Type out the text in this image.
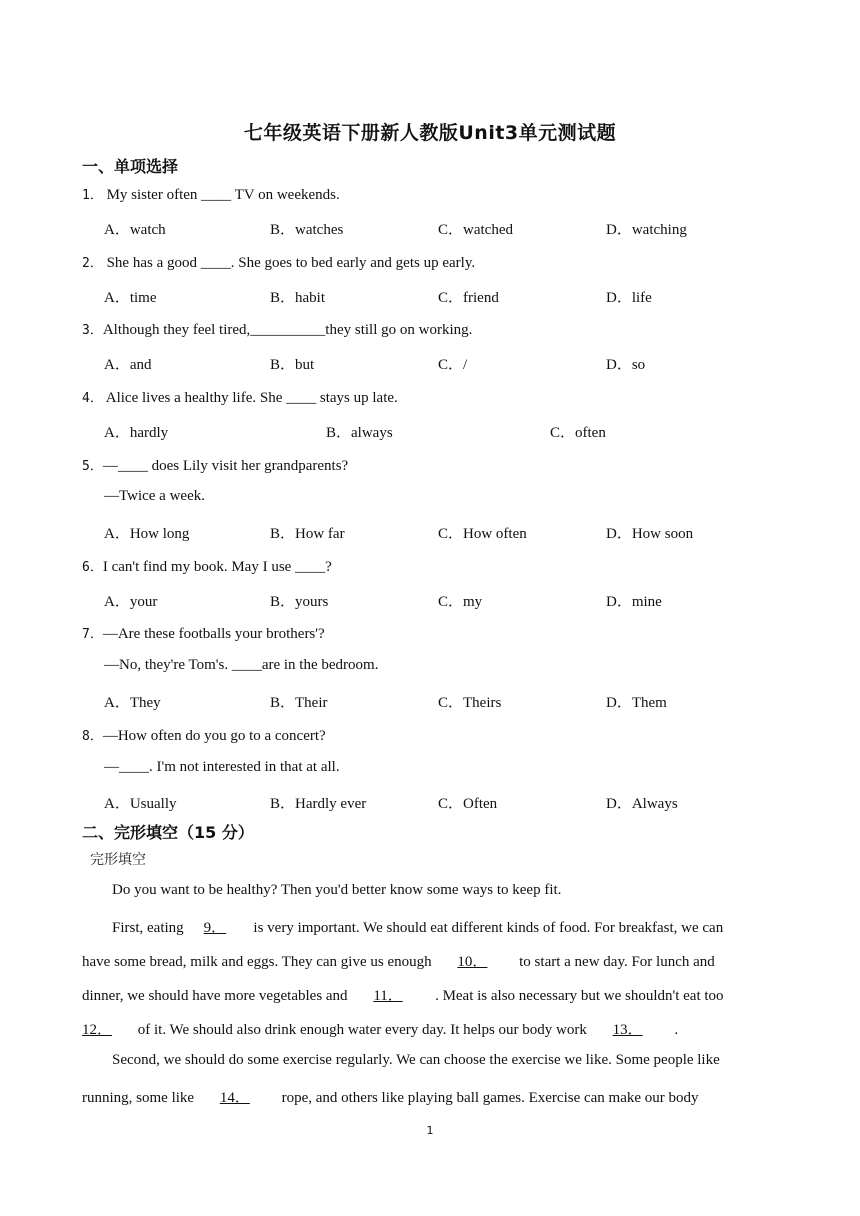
七年级英语下册新人教版Unit3单元测试题
一、单项选择
1． My sister often ____ TV on weekends.
A．watch	B．watches	C．watched	D．watching
2． She has a good ____. She goes to bed early and gets up early.
A．time	B．habit	C．friend	D．life
3．Although they feel tired,__________they still go on working.
A．and	B．but	C．/	D．so
4． Alice lives a healthy life. She ____ stays up late.
A．hardly	B．always	C．often
5．—____ does Lily visit her grandparents?
—Twice a week.
A．How long	B．How far	C．How often	D．How soon
6．I can't find my book. May I use ____?
A．your	B．yours	C．my	D．mine
7．—Are these footballs your brothers'?
—No, they're Tom's. ____are in the bedroom.
A．They	B．Their	C．Theirs	D．Them
8．—How often do you go to a concert?
—____. I'm not interested in that at all.
A．Usually	B．Hardly ever	C．Often	D．Always
二、完形填空（15 分）
完形填空
Do you want to be healthy? Then you'd better know some ways to keep fit.
First, eating 9． is very important. We should eat different kinds of food. For breakfast, we can
have some bread, milk and eggs. They can give us enough 10． to start a new day. For lunch and
dinner, we should have more vegetables and 11． . Meat is also necessary but we shouldn't eat too
12． of it. We should also drink enough water every day. It helps our body work 13． .
Second, we should do some exercise regularly. We can choose the exercise we like. Some people like
running, some like 14． rope, and others like playing ball games. Exercise can make our body
1
